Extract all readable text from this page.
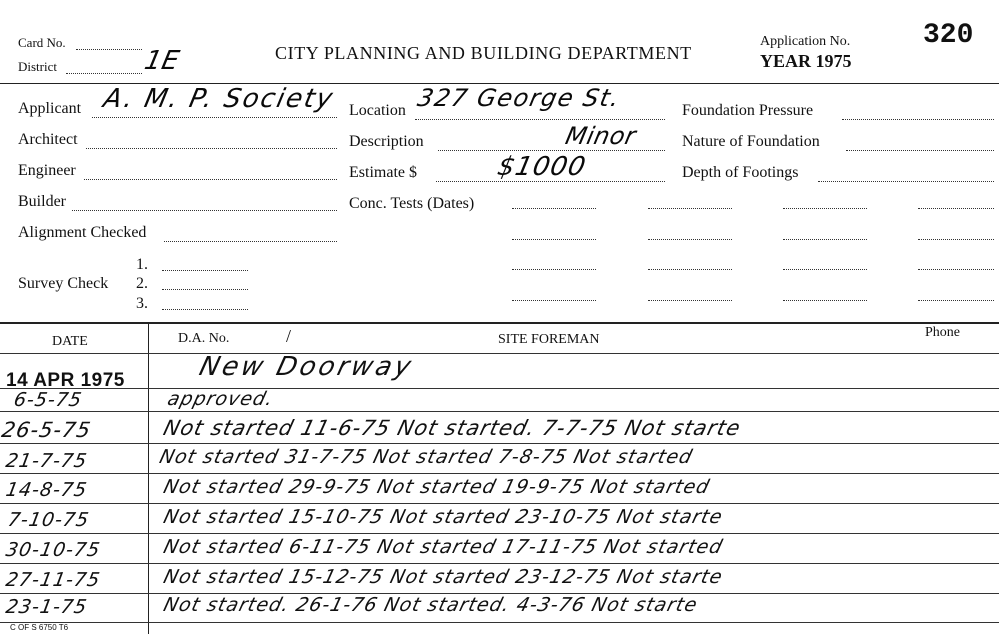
Card No.
District	1E	CITY PLANNING AND BUILDING DEPARTMENT
Application No.
YEAR 1975
320
Applicant A. M. P. Society
Architect
Engineer
Builder
Alignment Checked
Survey Check
1.
2.
3.
Location 327 George St.
Description	Minor
Estimate $	$1000
Conc. Tests (Dates)
Foundation Pressure
Nature of Foundation
Depth of Footings
DATE	D.A. No.	/	SITE FOREMAN	Phone
14 APR 1975	New Doorway
6-5-75	approved.
26-5-75	Not started 11-6-75 Not started. 7-7-75 Not starte
21-7-75	Not started 31-7-75 Not started 7-8-75 Not started
14-8-75	Not started 29-9-75 Not started 19-9-75 Not started
7-10-75	Not started 15-10-75 Not started 23-10-75 Not starte
30-10-75	Not started 6-11-75 Not started 17-11-75 Not started
27-11-75	Not started 15-12-75 Not started 23-12-75 Not starte
23-1-75	Not started. 26-1-76 Not started. 4-3-76 Not starte
C OF S 6750 T6
